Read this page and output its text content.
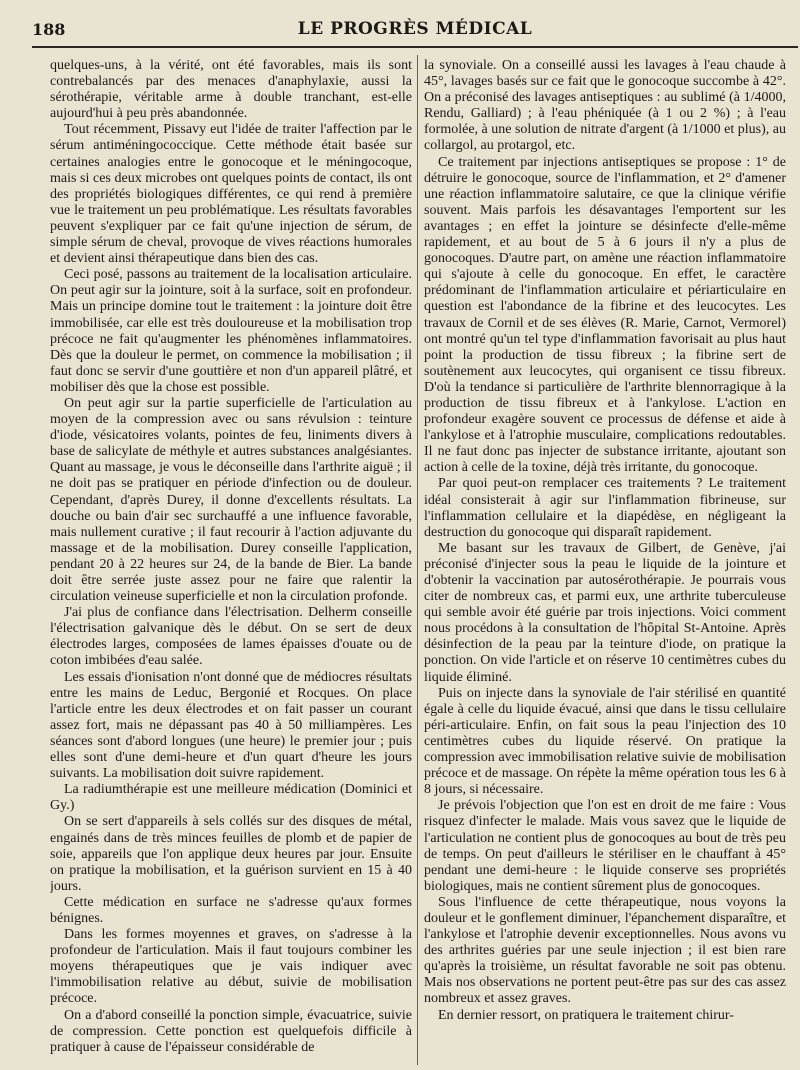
188	LE PROGRÈS MÉDICAL

quelques-uns, à la vérité, ont été favorables, mais ils sont contrebalancés par des menaces d'anaphylaxie, aussi la sérothérapie, véritable arme à double tranchant, est-elle aujourd'hui à peu près abandonnée.

Tout récemment, Pissavy eut l'idée de traiter l'affection par le sérum antiméningococcique. Cette méthode était basée sur certaines analogies entre le gonocoque et le méningocoque, mais si ces deux microbes ont quelques points de contact, ils ont des propriétés biologiques différentes, ce qui rend à première vue le traitement un peu problématique. Les résultats favorables peuvent s'expliquer par ce fait qu'une injection de sérum, de simple sérum de cheval, provoque de vives réactions humorales et devient ainsi thérapeutique dans bien des cas.

Ceci posé, passons au traitement de la localisation articulaire. On peut agir sur la jointure, soit à la surface, soit en profondeur. Mais un principe domine tout le traitement : la jointure doit être immobilisée, car elle est très douloureuse et la mobilisation trop précoce ne fait qu'augmenter les phénomènes inflammatoires. Dès que la douleur le permet, on commence la mobilisation ; il faut donc se servir d'une gouttière et non d'un appareil plâtré, et mobiliser dès que la chose est possible.

On peut agir sur la partie superficielle de l'articulation au moyen de la compression avec ou sans révulsion : teinture d'iode, vésicatoires volants, pointes de feu, liniments divers à base de salicylate de méthyle et autres substances analgésiantes. Quant au massage, je vous le déconseille dans l'arthrite aiguë ; il ne doit pas se pratiquer en période d'infection ou de douleur. Cependant, d'après Durey, il donne d'excellents résultats. La douche ou bain d'air sec surchauffé a une influence favorable, mais nullement curative ; il faut recourir à l'action adjuvante du massage et de la mobilisation. Durey conseille l'application, pendant 20 à 22 heures sur 24, de la bande de Bier. La bande doit être serrée juste assez pour ne faire que ralentir la circulation veineuse superficielle et non la circulation profonde.

J'ai plus de confiance dans l'électrisation. Delherm conseille l'électrisation galvanique dès le début. On se sert de deux électrodes larges, composées de lames épaisses d'ouate ou de coton imbibées d'eau salée.

Les essais d'ionisation n'ont donné que de médiocres résultats entre les mains de Leduc, Bergonié et Rocques. On place l'article entre les deux électrodes et on fait passer un courant assez fort, mais ne dépassant pas 40 à 50 milliampères. Les séances sont d'abord longues (une heure) le premier jour ; puis elles sont d'une demi-heure et d'un quart d'heure les jours suivants. La mobilisation doit suivre rapidement.

La radiumthérapie est une meilleure médication (Dominici et Gy.)

On se sert d'appareils à sels collés sur des disques de métal, engainés dans de très minces feuilles de plomb et de papier de soie, appareils que l'on applique deux heures par jour. Ensuite on pratique la mobilisation, et la guérison survient en 15 à 40 jours.

Cette médication en surface ne s'adresse qu'aux formes bénignes.

Dans les formes moyennes et graves, on s'adresse à la profondeur de l'articulation. Mais il faut toujours combiner les moyens thérapeutiques que je vais indiquer avec l'immobilisation relative au début, suivie de mobilisation précoce.

On a d'abord conseillé la ponction simple, évacuatrice, suivie de compression. Cette ponction est quelquefois difficile à pratiquer à cause de l'épaisseur considérable de

la synoviale. On a conseillé aussi les lavages à l'eau chaude à 45°, lavages basés sur ce fait que le gonocoque succombe à 42°. On a préconisé des lavages antiseptiques : au sublimé (à 1/4000, Rendu, Galliard) ; à l'eau phéniquée (à 1 ou 2 %) ; à l'eau formolée, à une solution de nitrate d'argent (à 1/1000 et plus), au collargol, au protargol, etc.

Ce traitement par injections antiseptiques se propose : 1° de détruire le gonocoque, source de l'inflammation, et 2° d'amener une réaction inflammatoire salutaire, ce que la clinique vérifie souvent. Mais parfois les désavantages l'emportent sur les avantages ; en effet la jointure se désinfecte d'elle-même rapidement, et au bout de 5 à 6 jours il n'y a plus de gonocoques. D'autre part, on amène une réaction inflammatoire qui s'ajoute à celle du gonocoque. En effet, le caractère prédominant de l'inflammation articulaire et périarticulaire en question est l'abondance de la fibrine et des leucocytes. Les travaux de Cornil et de ses élèves (R. Marie, Carnot, Vermorel) ont montré qu'un tel type d'inflammation favorisait au plus haut point la production de tissu fibreux ; la fibrine sert de soutènement aux leucocytes, qui organisent ce tissu fibreux. D'où la tendance si particulière de l'arthrite blennorragique à la production de tissu fibreux et à l'ankylose. L'action en profondeur exagère souvent ce processus de défense et aide à l'ankylose et à l'atrophie musculaire, complications redoutables. Il ne faut donc pas injecter de substance irritante, ajoutant son action à celle de la toxine, déjà très irritante, du gonocoque.

Par quoi peut-on remplacer ces traitements ? Le traitement idéal consisterait à agir sur l'inflammation fibrineuse, sur l'inflammation cellulaire et la diapédèse, en négligeant la destruction du gonocoque qui disparaît rapidement.

Me basant sur les travaux de Gilbert, de Genève, j'ai préconisé d'injecter sous la peau le liquide de la jointure et d'obtenir la vaccination par autosérothérapie. Je pourrais vous citer de nombreux cas, et parmi eux, une arthrite tuberculeuse qui semble avoir été guérie par trois injections. Voici comment nous procédons à la consultation de l'hôpital St-Antoine. Après désinfection de la peau par la teinture d'iode, on pratique la ponction. On vide l'article et on réserve 10 centimètres cubes du liquide éliminé.

Puis on injecte dans la synoviale de l'air stérilisé en quantité égale à celle du liquide évacué, ainsi que dans le tissu cellulaire péri-articulaire. Enfin, on fait sous la peau l'injection des 10 centimètres cubes du liquide réservé. On pratique la compression avec immobilisation relative suivie de mobilisation précoce et de massage. On répète la même opération tous les 6 à 8 jours, si nécessaire.

Je prévois l'objection que l'on est en droit de me faire : Vous risquez d'infecter le malade. Mais vous savez que le liquide de l'articulation ne contient plus de gonocoques au bout de très peu de temps. On peut d'ailleurs le stériliser en le chauffant à 45° pendant une demi-heure : le liquide conserve ses propriétés biologiques, mais ne contient sûrement plus de gonocoques.

Sous l'influence de cette thérapeutique, nous voyons la douleur et le gonflement diminuer, l'épanchement disparaître, et l'ankylose et l'atrophie devenir exceptionnelles. Nous avons vu des arthrites guéries par une seule injection ; il est bien rare qu'après la troisième, un résultat favorable ne soit pas obtenu. Mais nos observations ne portent peut-être pas sur des cas assez nombreux et assez graves.

En dernier ressort, on pratiquera le traitement chirur-
